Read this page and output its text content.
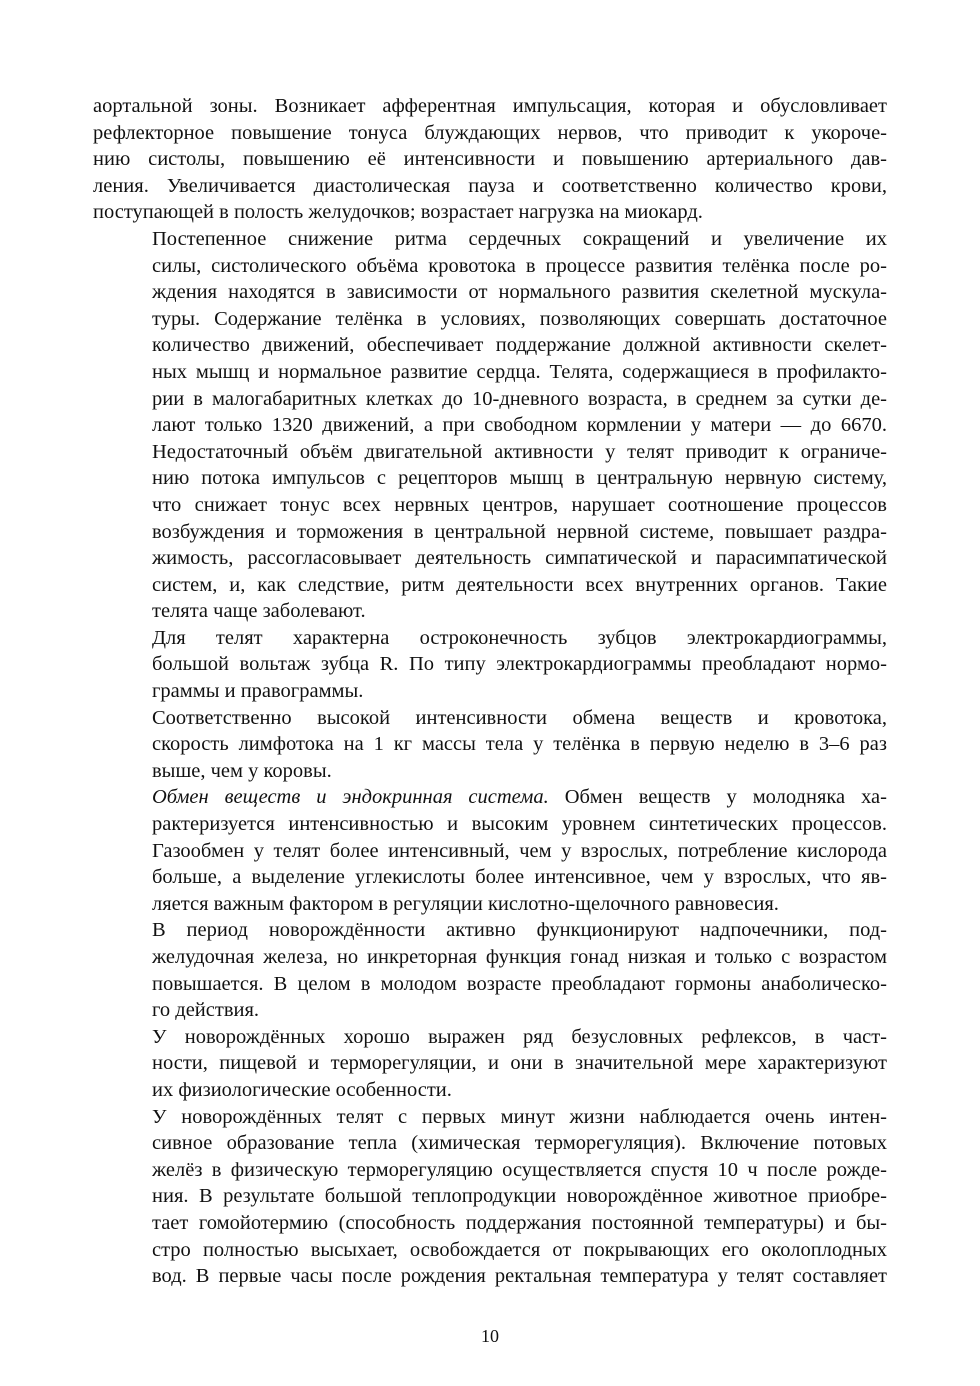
аортальной зоны. Возникает афферентная импульсация, которая и обусловливает
рефлекторное повышение тонуса блуждающих нервов, что приводит к укороче-
нию систолы, повышению её интенсивности и повышению артериального дав-
ления. Увеличивается диастолическая пауза и соответственно количество крови,
поступающей в полость желудочков; возрастает нагрузка на миокард.

Постепенное снижение ритма сердечных сокращений и увеличение их
силы, систолического объёма кровотока в процессе развития телёнка после ро-
ждения находятся в зависимости от нормального развития скелетной мускула-
туры. Содержание телёнка в условиях, позволяющих совершать достаточное
количество движений, обеспечивает поддержание должной активности скелет-
ных мышц и нормальное развитие сердца. Телята, содержащиеся в профилакто-
рии в малогабаритных клетках до 10-дневного возраста, в среднем за сутки де-
лают только 1320 движений, а при свободном кормлении у матери — до 6670.
Недостаточный объём двигательной активности у телят приводит к ограниче-
нию потока импульсов с рецепторов мышц в центральную нервную систему,
что снижает тонус всех нервных центров, нарушает соотношение процессов
возбуждения и торможения в центральной нервной системе, повышает раздра-
жимость, рассогласовывает деятельность симпатической и парасимпатической
систем, и, как следствие, ритм деятельности всех внутренних органов. Такие
телята чаще заболевают.

Для телят характерна остроконечность зубцов электрокардиограммы,
большой вольтаж зубца R. По типу электрокардиограммы преобладают нормо-
граммы и правограммы.

Соответственно высокой интенсивности обмена веществ и кровотока,
скорость лимфотока на 1 кг массы тела у телёнка в первую неделю в 3–6 раз
выше, чем у коровы.

Обмен веществ и эндокринная система. Обмен веществ у молодняка ха-
рактеризуется интенсивностью и высоким уровнем синтетических процессов.
Газообмен у телят более интенсивный, чем у взрослых, потребление кислорода
больше, а выделение углекислоты более интенсивное, чем у взрослых, что яв-
ляется важным фактором в регуляции кислотно-щелочного равновесия.

В период новорождённости активно функционируют надпочечники, под-
желудочная железа, но инкреторная функция гонад низкая и только с возрастом
повышается. В целом в молодом возрасте преобладают гормоны анаболическо-
го действия.

У новорождённых хорошо выражен ряд безусловных рефлексов, в част-
ности, пищевой и терморегуляции, и они в значительной мере характеризуют
их физиологические особенности.

У новорождённых телят с первых минут жизни наблюдается очень интен-
сивное образование тепла (химическая терморегуляция). Включение потовых
желёз в физическую терморегуляцию осуществляется спустя 10 ч после рожде-
ния. В результате большой теплопродукции новорождённое животное приобре-
тает гомойотермию (способность поддержания постоянной температуры) и бы-
стро полностью высыхает, освобождается от покрывающих его околоплодных
вод. В первые часы после рождения ректальная температура у телят составляет

10
